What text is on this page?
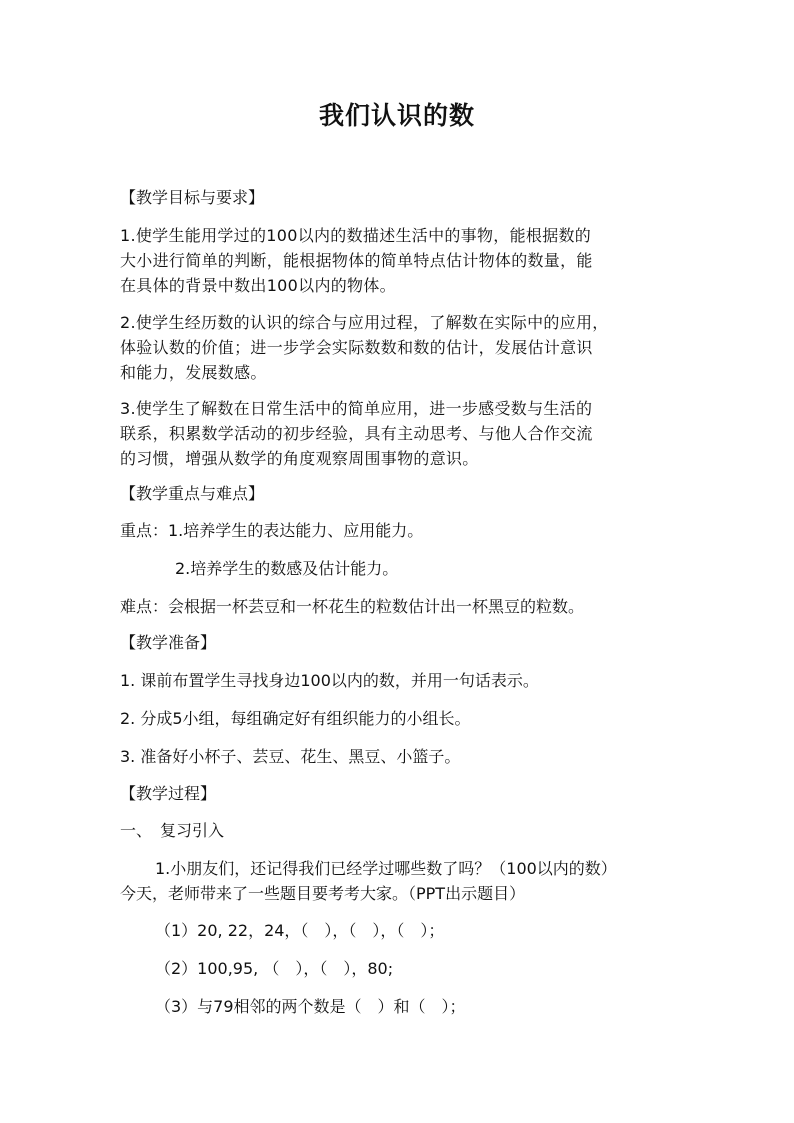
我们认识的数
【教学目标与要求】
1.使学生能用学过的100以内的数描述生活中的事物，能根据数的
大小进行简单的判断，能根据物体的简单特点估计物体的数量，能
在具体的背景中数出100以内的物体。
2.使学生经历数的认识的综合与应用过程，了解数在实际中的应用，
体验认数的价值；进一步学会实际数数和数的估计，发展估计意识
和能力，发展数感。
3.使学生了解数在日常生活中的简单应用，进一步感受数与生活的
联系，积累数学活动的初步经验，具有主动思考、与他人合作交流
的习惯，增强从数学的角度观察周围事物的意识。
【教学重点与难点】
重点：1.培养学生的表达能力、应用能力。
2.培养学生的数感及估计能力。
难点：会根据一杯芸豆和一杯花生的粒数估计出一杯黑豆的粒数。
【教学准备】
1. 课前布置学生寻找身边100以内的数，并用一句话表示。
2. 分成5小组，每组确定好有组织能力的小组长。
3. 准备好小杯子、芸豆、花生、黑豆、小篮子。
【教学过程】
一、　复习引入
1.小朋友们，还记得我们已经学过哪些数了吗？（100以内的数）
今天，老师带来了一些题目要考考大家。（PPT出示题目）
（1）20, 22，24，（　），（　），（　）；
（2）100,95, （　），（　），80;
（3）与79相邻的两个数是（　）和（　）；
